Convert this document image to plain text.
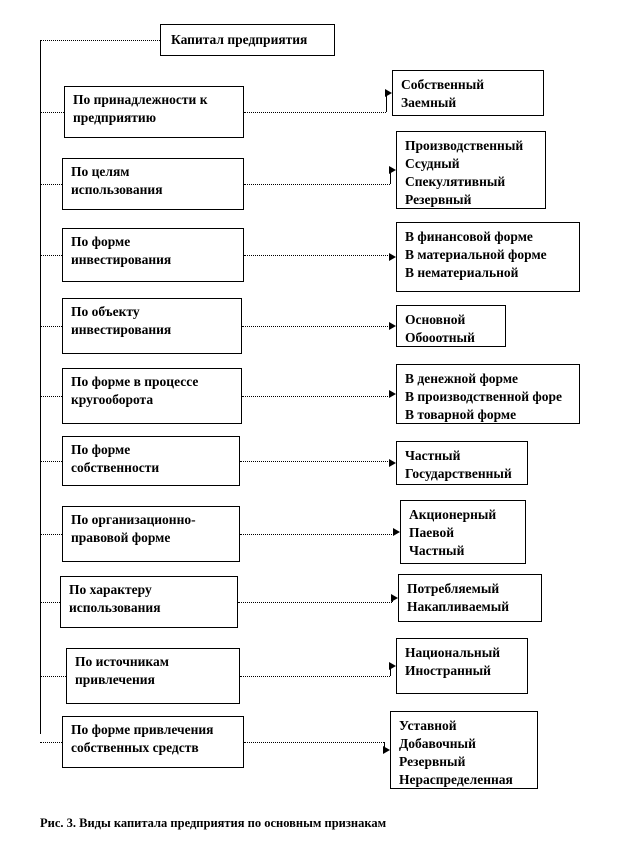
Капитал предприятия
По принадлежности к
предприятию
Собственный
Заемный
По целям
использования
Производственный
Ссудный
Спекулятивный
Резервный
По форме
инвестирования
В финансовой форме
В материальной форме
В нематериальной
По объекту
инвестирования
Основной
Обооотный
По форме в процессе
кругооборота
В денежной форме
В производственной форе
В товарной форме
По форме
собственности
Частный
Государственный
По организационно-
правовой форме
Акционерный
Паевой
Частный
По характеру
использования
Потребляемый
Накапливаемый
По источникам
привлечения
Национальный
Иностранный
По форме привлечения
собственных средств
Уставной
Добавочный
Резервный
Нераспределенная
Рис. 3. Виды капитала предприятия по основным признакам
